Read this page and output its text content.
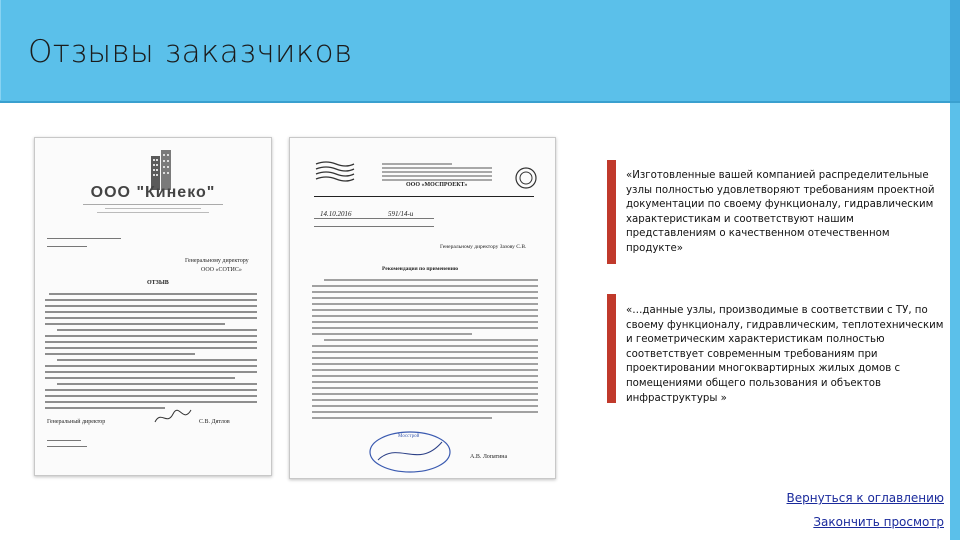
Отзывы заказчиков
ООО "Кинеко"
Генеральному директору
ООО «СОТИС»
ОТЗЫВ
Генеральный директор	С.В. Дятлов
ООО «МОСПРОЕКТ»
14.10.2016	591/14-и
Генеральному директору Зазову С.В.
Рекомендация по применению
Мосстрой
А.В. Лопатина
«Изготовленные вашей компанией распределительные узлы полностью удовлетворяют требованиям проектной документации по своему функционалу, гидравлическим характеристикам и соответствуют нашим представлениям о качественном отечественном продукте»
«…данные узлы, производимые в соответствии с ТУ, по своему функционалу, гидравлическим, теплотехническим и геометрическим характеристикам полностью соответствует современным требованиям при проектировании многоквартирных жилых домов с помещениями общего пользования и объектов инфраструктуры »
Вернуться к оглавлению
Закончить просмотр
